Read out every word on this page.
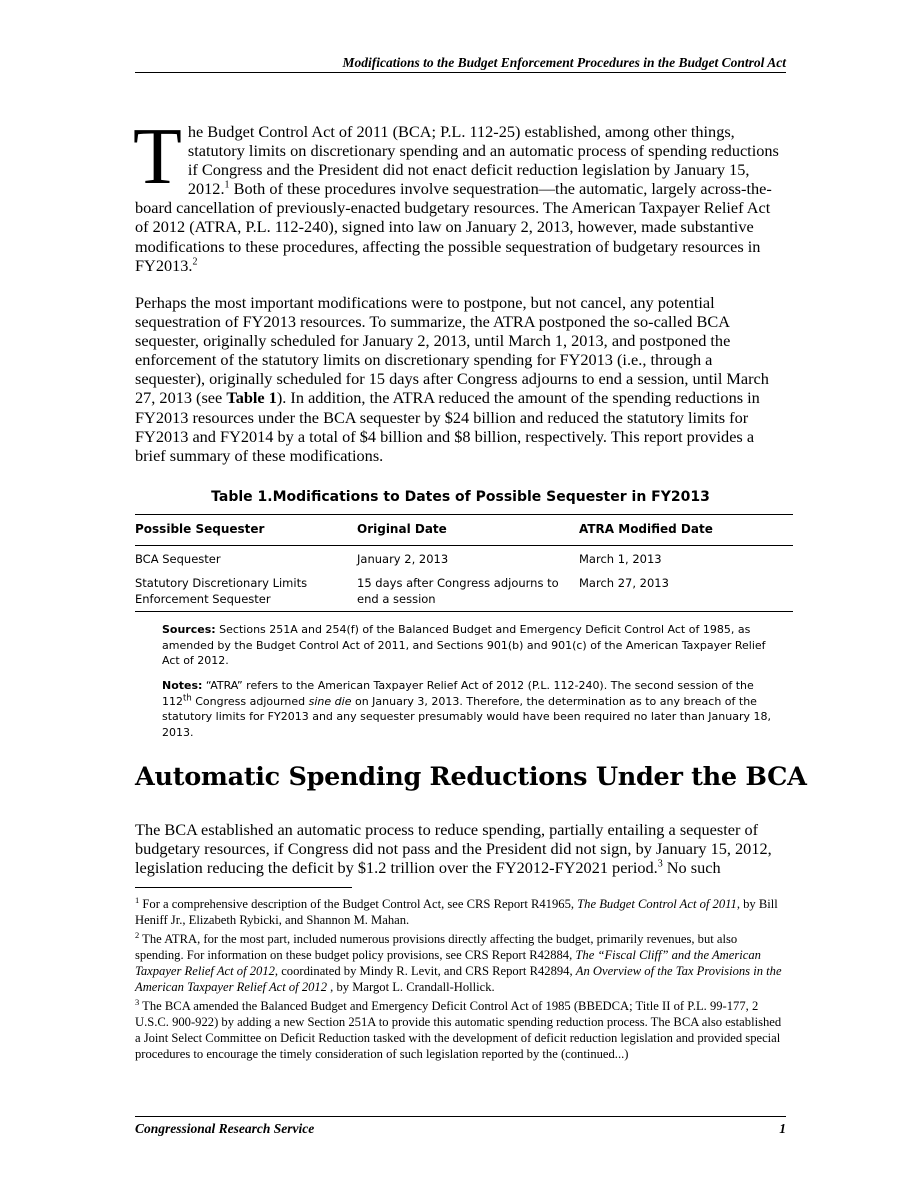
Modifications to the Budget Enforcement Procedures in the Budget Control Act

The Budget Control Act of 2011 (BCA; P.L. 112-25) established, among other things, statutory limits on discretionary spending and an automatic process of spending reductions if Congress and the President did not enact deficit reduction legislation by January 15, 2012.$^1$ Both of these procedures involve sequestration—the automatic, largely across-the-board cancellation of previously-enacted budgetary resources. The American Taxpayer Relief Act of 2012 (ATRA, P.L. 112-240), signed into law on January 2, 2013, however, made substantive modifications to these procedures, affecting the possible sequestration of budgetary resources in FY2013.$^2$

Perhaps the most important modifications were to postpone, but not cancel, any potential sequestration of FY2013 resources. To summarize, the ATRA postponed the so-called BCA sequester, originally scheduled for January 2, 2013, until March 1, 2013, and postponed the enforcement of the statutory limits on discretionary spending for FY2013 (i.e., through a sequester), originally scheduled for 15 days after Congress adjourns to end a session, until March 27, 2013 (see Table 1). In addition, the ATRA reduced the amount of the spending reductions in FY2013 resources under the BCA sequester by $24 billion and reduced the statutory limits for FY2013 and FY2014 by a total of $4 billion and $8 billion, respectively. This report provides a brief summary of these modifications.

Table 1.Modifications to Dates of Possible Sequester in FY2013
Possible Sequester	Original Date	ATRA Modified Date
BCA Sequester	January 2, 2013	March 1, 2013
Statutory Discretionary Limits Enforcement Sequester	15 days after Congress adjourns to end a session	March 27, 2013
Sources: Sections 251A and 254(f) of the Balanced Budget and Emergency Deficit Control Act of 1985, as amended by the Budget Control Act of 2011, and Sections 901(b) and 901(c) of the American Taxpayer Relief Act of 2012.
Notes: “ATRA” refers to the American Taxpayer Relief Act of 2012 (P.L. 112-240). The second session of the 112th Congress adjourned sine die on January 3, 2013. Therefore, the determination as to any breach of the statutory limits for FY2013 and any sequester presumably would have been required no later than January 18, 2013.
Automatic Spending Reductions Under the BCA

The BCA established an automatic process to reduce spending, partially entailing a sequester of budgetary resources, if Congress did not pass and the President did not sign, by January 15, 2012, legislation reducing the deficit by $1.2 trillion over the FY2012-FY2021 period.$^3$ No such

$^1$ For a comprehensive description of the Budget Control Act, see CRS Report R41965, The Budget Control Act of 2011, by Bill Heniff Jr., Elizabeth Rybicki, and Shannon M. Mahan.

$^2$ The ATRA, for the most part, included numerous provisions directly affecting the budget, primarily revenues, but also spending. For information on these budget policy provisions, see CRS Report R42884, The “Fiscal Cliff” and the American Taxpayer Relief Act of 2012, coordinated by Mindy R. Levit, and CRS Report R42894, An Overview of the Tax Provisions in the American Taxpayer Relief Act of 2012 , by Margot L. Crandall-Hollick.

$^3$ The BCA amended the Balanced Budget and Emergency Deficit Control Act of 1985 (BBEDCA; Title II of P.L. 99-177, 2 U.S.C. 900-922) by adding a new Section 251A to provide this automatic spending reduction process. The BCA also established a Joint Select Committee on Deficit Reduction tasked with the development of deficit reduction legislation and provided special procedures to encourage the timely consideration of such legislation reported by the (continued...)

Congressional Research Service	1
